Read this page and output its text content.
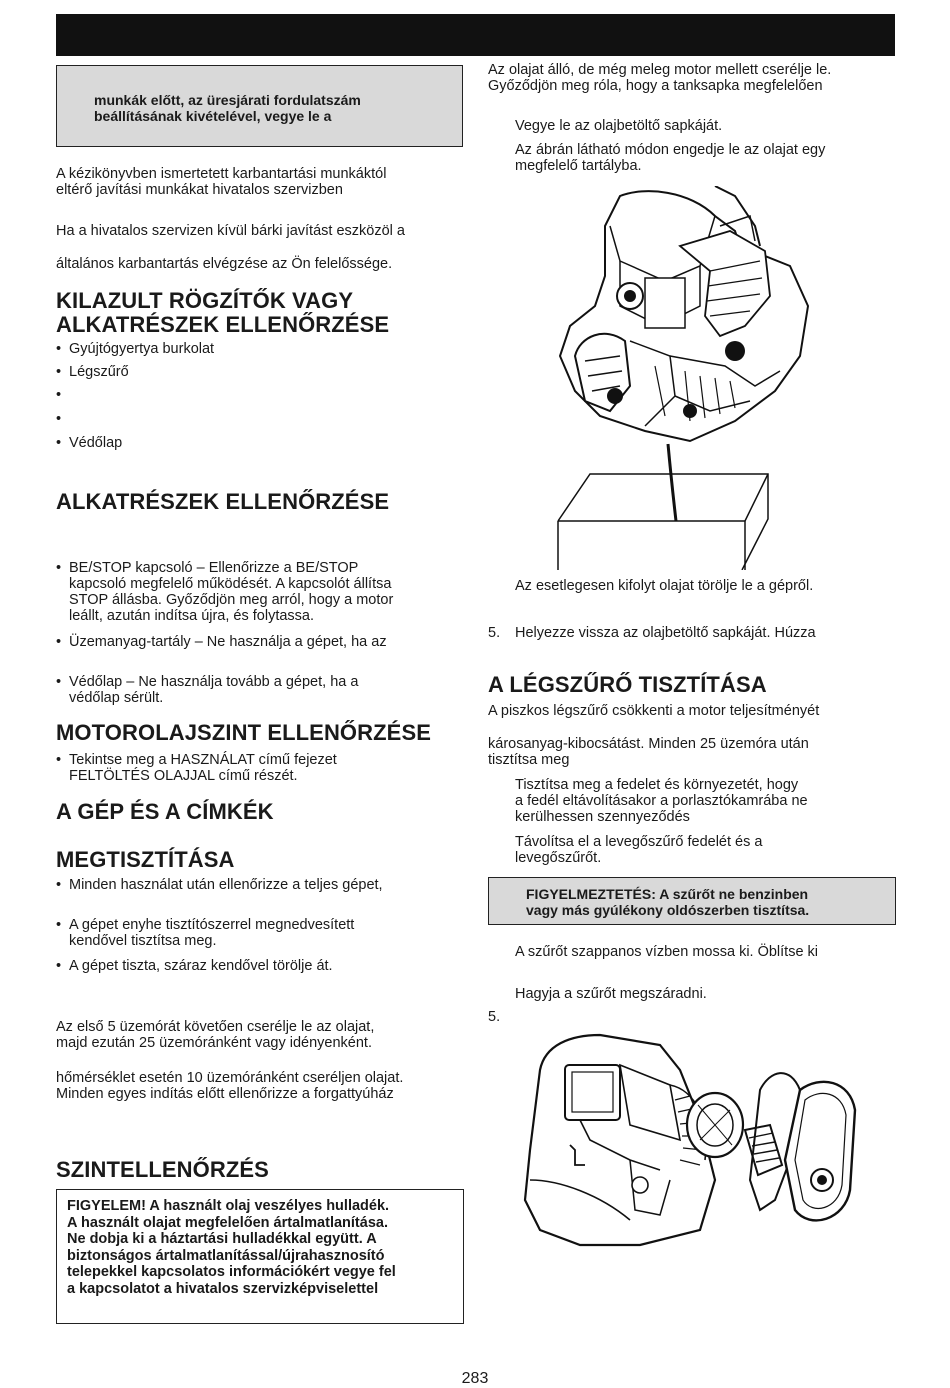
munkák előtt, az üresjárati fordulatszám
beállításának kivételével, vegye le a
A kézikönyvben ismertetett karbantartási munkáktól
eltérő javítási munkákat hivatalos szervizben
Ha a hivatalos szervizen kívül bárki javítást eszközöl a
általános karbantartás elvégzése az Ön felelőssége.
KILAZULT RÖGZÍTŐK VAGY
ALKATRÉSZEK ELLENŐRZÉSE
• Gyújtógyertya burkolat
• Légszűrő
• Védőlap
ALKATRÉSZEK ELLENŐRZÉSE
• BE/STOP kapcsoló – Ellenőrizze a BE/STOP
kapcsoló megfelelő működését. A kapcsolót állítsa
STOP állásba. Győződjön meg arról, hogy a motor
leállt, azután indítsa újra, és folytassa.
• Üzemanyag-tartály – Ne használja a gépet, ha az
• Védőlap – Ne használja tovább a gépet, ha a
védőlap sérült.
MOTOROLAJSZINT ELLENŐRZÉSE
• Tekintse meg a HASZNÁLAT című fejezet
FELTÖLTÉS OLAJJAL című részét.
A GÉP ÉS A CÍMKÉK
MEGTISZTÍTÁSA
• Minden használat után ellenőrizze a teljes gépet,
• A gépet enyhe tisztítószerrel megnedvesített
kendővel tisztítsa meg.
• A gépet tiszta, száraz kendővel törölje át.
Az első 5 üzemórát követően cserélje le az olajat,
majd ezután 25 üzemóránként vagy idényenként.
hőmérséklet esetén 10 üzemóránként cseréljen olajat.
Minden egyes indítás előtt ellenőrizze a forgattyúház
SZINTELLENŐRZÉS
FIGYELEM! A használt olaj veszélyes hulladék.
A használt olajat megfelelően ártalmatlanítása.
Ne dobja ki a háztartási hulladékkal együtt. A
biztonságos ártalmatlanítással/újrahasznosító
telepekkel kapcsolatos információkért vegye fel
a kapcsolatot a hivatalos szervizképviselettel
Az olajat álló, de még meleg motor mellett cserélje le.
Győződjön meg róla, hogy a tanksapka megfelelően
Vegye le az olajbetöltő sapkáját.
Az ábrán látható módon engedje le az olajat egy
megfelelő tartályba.
Az esetlegesen kifolyt olajat törölje le a gépről.
5. Helyezze vissza az olajbetöltő sapkáját. Húzza
A LÉGSZŰRŐ TISZTÍTÁSA
A piszkos légszűrő csökkenti a motor teljesítményét
károsanyag-kibocsátást. Minden 25 üzemóra után
tisztítsa meg
Tisztítsa meg a fedelet és környezetét, hogy
a fedél eltávolításakor a porlasztókamrába ne
kerülhessen szennyeződés
Távolítsa el a levegőszűrő fedelét és a
levegőszűrőt.
FIGYELMEZTETÉS: A szűrőt ne benzinben
vagy más gyúlékony oldószerben tisztítsa.
A szűrőt szappanos vízben mossa ki. Öblítse ki
Hagyja a szűrőt megszáradni.
5.
283
